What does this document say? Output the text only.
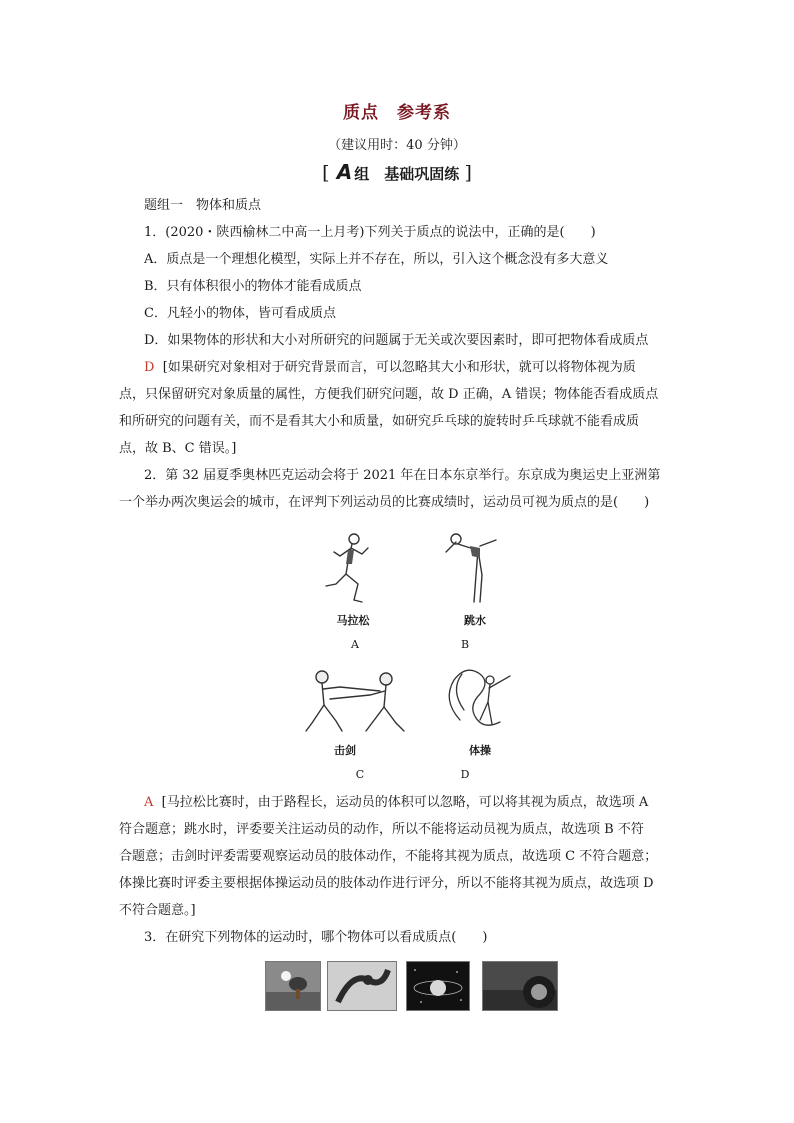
质点　参考系
（建议用时：40 分钟）
[ A 组　基础巩固练 ]
题组一　物体和质点
1．(2020・陕西榆林二中高一上月考)下列关于质点的说法中，正确的是(　　)
A．质点是一个理想化模型，实际上并不存在，所以，引入这个概念没有多大意义
B．只有体积很小的物体才能看成质点
C．凡轻小的物体，皆可看成质点
D．如果物体的形状和大小对所研究的问题属于无关或次要因素时，即可把物体看成质点
D [如果研究对象相对于研究背景而言，可以忽略其大小和形状，就可以将物体视为质
点，只保留研究对象质量的属性，方便我们研究问题，故 D 正确，A 错误；物体能否看成质点
和所研究的问题有关，而不是看其大小和质量，如研究乒乓球的旋转时乒乓球就不能看成质
点，故 B、C 错误。]
2．第 32 届夏季奥林匹克运动会将于 2021 年在日本东京举行。东京成为奥运史上亚洲第
一个举办两次奥运会的城市，在评判下列运动员的比赛成绩时，运动员可视为质点的是(　　)
马拉松
A
跳水
B
击剑
C
体操
D
A [马拉松比赛时，由于路程长，运动员的体积可以忽略，可以将其视为质点，故选项 A
符合题意；跳水时，评委要关注运动员的动作，所以不能将运动员视为质点，故选项 B 不符
合题意；击剑时评委需要观察运动员的肢体动作，不能将其视为质点，故选项 C 不符合题意；
体操比赛时评委主要根据体操运动员的肢体动作进行评分，所以不能将其视为质点，故选项 D
不符合题意。]
3．在研究下列物体的运动时，哪个物体可以看成质点(　　)
